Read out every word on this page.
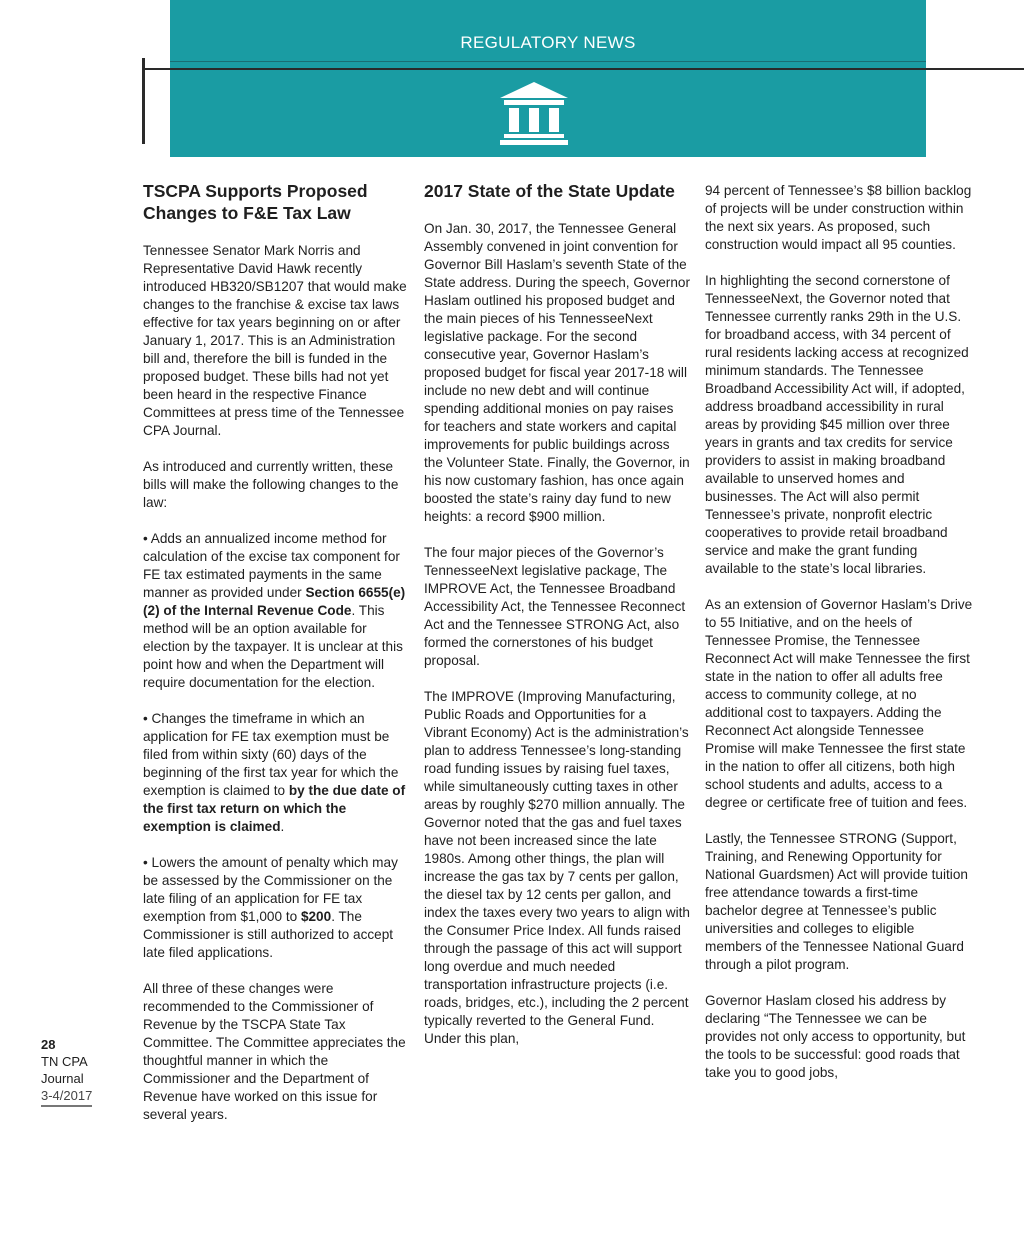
REGULATORY NEWS
TSCPA Supports Proposed Changes to F&E Tax Law

Tennessee Senator Mark Norris and Representative David Hawk recently introduced HB320/SB1207 that would make changes to the franchise & excise tax laws effective for tax years beginning on or after January 1, 2017. This is an Administration bill and, therefore the bill is funded in the proposed budget. These bills had not yet been heard in the respective Finance Committees at press time of the Tennessee CPA Journal.

As introduced and currently written, these bills will make the following changes to the law:

• Adds an annualized income method for calculation of the excise tax component for FE tax estimated payments in the same manner as provided under Section 6655(e)(2) of the Internal Revenue Code. This method will be an option available for election by the taxpayer. It is unclear at this point how and when the Department will require documentation for the election.

• Changes the timeframe in which an application for FE tax exemption must be filed from within sixty (60) days of the beginning of the first tax year for which the exemption is claimed to by the due date of the first tax return on which the exemption is claimed.

• Lowers the amount of penalty which may be assessed by the Commissioner on the late filing of an application for FE tax exemption from $1,000 to $200. The Commissioner is still authorized to accept late filed applications.

All three of these changes were recommended to the Commissioner of Revenue by the TSCPA State Tax Committee. The Committee appreciates the thoughtful manner in which the Commissioner and the Department of Revenue have worked on this issue for several years.

2017 State of the State Update

On Jan. 30, 2017, the Tennessee General Assembly convened in joint convention for Governor Bill Haslam’s seventh State of the State address. During the speech, Governor Haslam outlined his proposed budget and the main pieces of his TennesseeNext legislative package. For the second consecutive year, Governor Haslam’s proposed budget for fiscal year 2017-18 will include no new debt and will continue spending additional monies on pay raises for teachers and state workers and capital improvements for public buildings across the Volunteer State. Finally, the Governor, in his now customary fashion, has once again boosted the state’s rainy day fund to new heights: a record $900 million.

The four major pieces of the Governor’s TennesseeNext legislative package, The IMPROVE Act, the Tennessee Broadband Accessibility Act, the Tennessee Reconnect Act and the Tennessee STRONG Act, also formed the cornerstones of his budget proposal.

The IMPROVE (Improving Manufacturing, Public Roads and Opportunities for a Vibrant Economy) Act is the administration’s plan to address Tennessee’s long-standing road funding issues by raising fuel taxes, while simultaneously cutting taxes in other areas by roughly $270 million annually. The Governor noted that the gas and fuel taxes have not been increased since the late 1980s. Among other things, the plan will increase the gas tax by 7 cents per gallon, the diesel tax by 12 cents per gallon, and index the taxes every two years to align with the Consumer Price Index. All funds raised through the passage of this act will support long overdue and much needed transportation infrastructure projects (i.e. roads, bridges, etc.), including the 2 percent typically reverted to the General Fund. Under this plan,

94 percent of Tennessee’s $8 billion backlog of projects will be under construction within the next six years. As proposed, such construction would impact all 95 counties.

In highlighting the second cornerstone of TennesseeNext, the Governor noted that Tennessee currently ranks 29th in the U.S. for broadband access, with 34 percent of rural residents lacking access at recognized minimum standards. The Tennessee Broadband Accessibility Act will, if adopted, address broadband accessibility in rural areas by providing $45 million over three years in grants and tax credits for service providers to assist in making broadband available to unserved homes and businesses. The Act will also permit Tennessee’s private, nonprofit electric cooperatives to provide retail broadband service and make the grant funding available to the state’s local libraries.

As an extension of Governor Haslam’s Drive to 55 Initiative, and on the heels of Tennessee Promise, the Tennessee Reconnect Act will make Tennessee the first state in the nation to offer all adults free access to community college, at no additional cost to taxpayers. Adding the Reconnect Act alongside Tennessee Promise will make Tennessee the first state in the nation to offer all citizens, both high school students and adults, access to a degree or certificate free of tuition and fees.

Lastly, the Tennessee STRONG (Support, Training, and Renewing Opportunity for National Guardsmen) Act will provide tuition free attendance towards a first-time bachelor degree at Tennessee’s public universities and colleges to eligible members of the Tennessee National Guard through a pilot program.

Governor Haslam closed his address by declaring “The Tennessee we can be provides not only access to opportunity, but the tools to be successful: good roads that take you to good jobs,

28
TN CPA
Journal
3-4/2017
